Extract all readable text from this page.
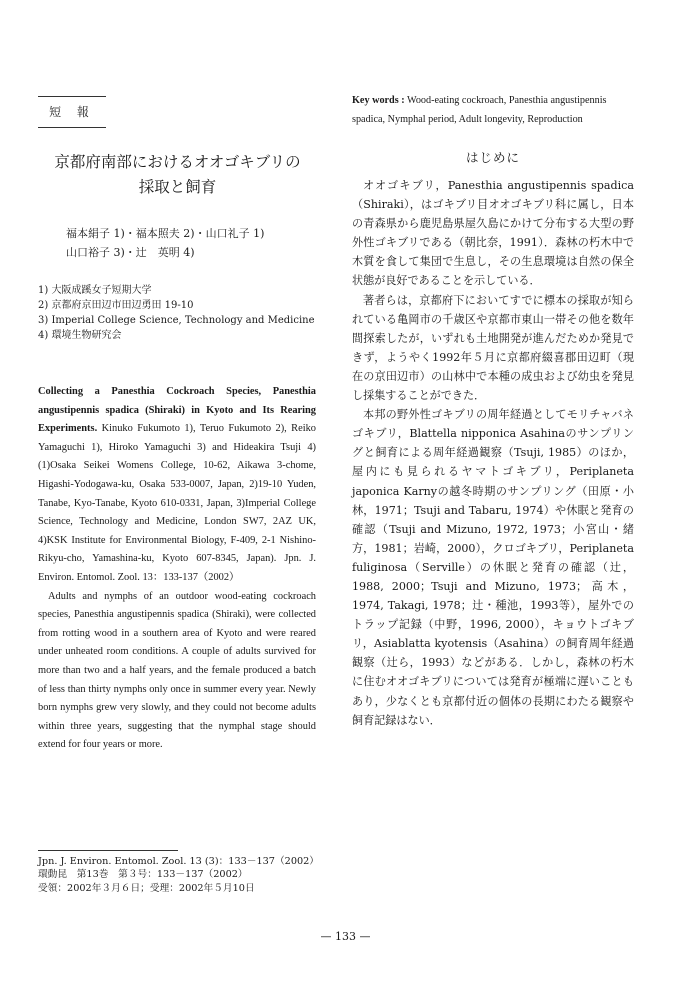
短 報
京都府南部におけるオオゴキブリの
採取と飼育
福本絹子 1)・福本照夫 2)・山口礼子 1)
山口裕子 3)・辻　英明 4)
1) 大阪成蹊女子短期大学
2) 京都府京田辺市田辺勇田 19-10
3) Imperial College Science, Technology and Medicine
4) 環境生物研究会

Collecting a Panesthia Cockroach Species, Panesthia angustipennis spadica (Shiraki) in Kyoto and Its Rearing Experiments. Kinuko Fukumoto 1), Teruo Fukumoto 2), Reiko Yamaguchi 1), Hiroko Yamaguchi 3) and Hideakira Tsuji 4) (1)Osaka Seikei Womens College, 10-62, Aikawa 3-chome, Higashi-Yodogawa-ku, Osaka 533-0007, Japan, 2)19-10 Yuden, Tanabe, Kyo-Tanabe, Kyoto 610-0331, Japan, 3)Imperial College Science, Technology and Medicine, London SW7, 2AZ UK, 4)KSK Institute for Environmental Biology, F-409, 2-1 Nishino-Rikyu-cho, Yamashina-ku, Kyoto 607-8345, Japan). Jpn. J. Environ. Entomol. Zool. 13：133-137（2002）

Adults and nymphs of an outdoor wood-eating cockroach species, Panesthia angustipennis spadica (Shiraki), were collected from rotting wood in a southern area of Kyoto and were reared under unheated room conditions. A couple of adults survived for more than two and a half years, and the female produced a batch of less than thirty nymphs only once in summer every year. Newly born nymphs grew very slowly, and they could not become adults within three years, suggesting that the nymphal stage should extend for four years or more.

Key words : Wood-eating cockroach, Panesthia angustipennis spadica, Nymphal period, Adult longevity, Reproduction
はじめに

オオゴキブリ，Panesthia angustipennis spadica（Shiraki），はゴキブリ目オオゴキブリ科に属し，日本の青森県から鹿児島県屋久島にかけて分布する大型の野外性ゴキブリである（朝比奈，1991）．森林の朽木中で木質を食して集団で生息し，その生息環境は自然の保全状態が良好であることを示している．

著者らは，京都府下においてすでに標本の採取が知られている亀岡市の千歳区や京都市東山一帯その他を数年間探索したが，いずれも土地開発が進んだためか発見できず，ようやく1992年５月に京都府綴喜郡田辺町（現在の京田辺市）の山林中で本種の成虫および幼虫を発見し採集することができた．

本邦の野外性ゴキブリの周年経過としてモリチャバネゴキブリ，Blattella nipponica Asahinaのサンプリングと飼育による周年経過観察（Tsuji, 1985）のほか，屋内にも見られるヤマトゴキブリ，Periplaneta japonica Karnyの越冬時期のサンプリング（田原・小林，1971；Tsuji and Tabaru, 1974）や休眠と発育の確認（Tsuji and Mizuno, 1972, 1973；小宮山・緒方，1981；岩崎，2000），クロゴキブリ，Periplaneta fuliginosa（Serville）の休眠と発育の確認（辻，1988, 2000；Tsuji and Mizuno, 1973；高木，1974, Takagi, 1978；辻・種池，1993等），屋外でのトラップ記録（中野，1996, 2000），キョウトゴキブリ，Asiablatta kyotensis（Asahina）の飼育周年経過観察（辻ら，1993）などがある．しかし，森林の朽木に住むオオゴキブリについては発育が極端に遅いこともあり，少なくとも京都付近の個体の長期にわたる観察や飼育記録はない．

Jpn. J. Environ. Entomol. Zool. 13 (3)：133－137（2002）
環動昆　第13巻　第３号：133－137（2002）
受領：2002年３月６日；受理：2002年５月10日
— 133 —
